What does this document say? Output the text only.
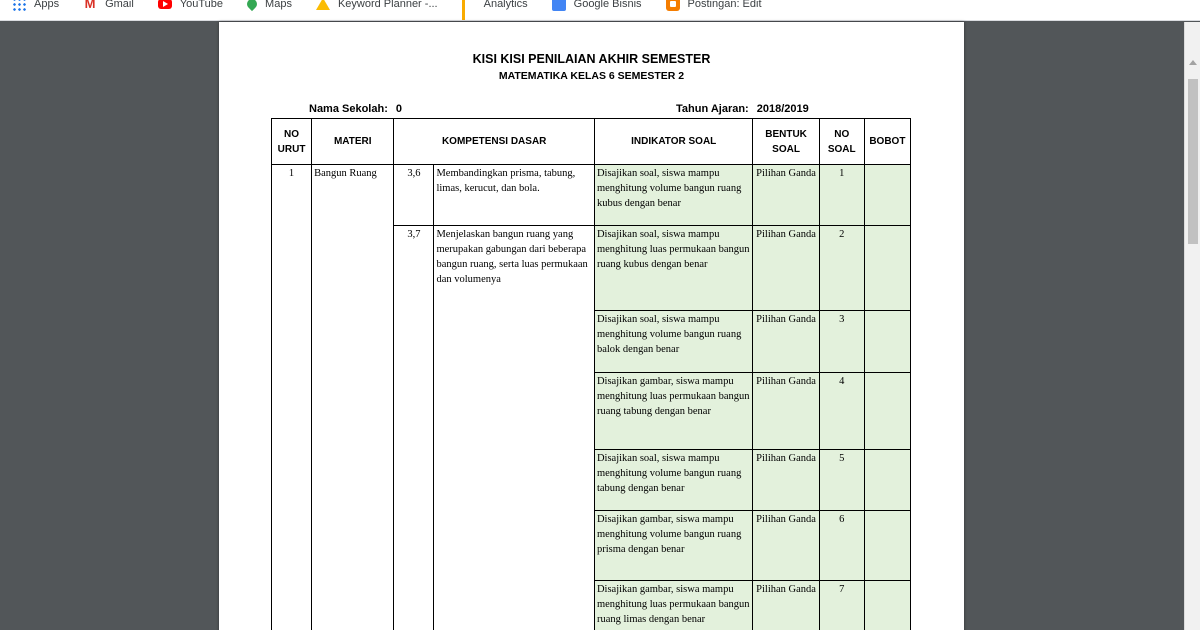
Apps M Gmail	YouTube	Maps	Keyword Planner -...	Analytics	Google Bisnis	Postingan: Edit
KISI KISI PENILAIAN AKHIR SEMESTER
MATEMATIKA KELAS 6 SEMESTER 2
Nama Sekolah: 0	Tahun Ajaran: 2018/2019
NO URUT	MATERI	KOMPETENSI DASAR		INDIKATOR SOAL	BENTUK SOAL	NO SOAL	BOBOT
1	Bangun Ruang	3,6	Membandingkan prisma, tabung, limas, kerucut, dan bola.	Disajikan soal, siswa mampu menghitung volume bangun ruang kubus dengan benar	Pilihan Ganda	1	
		3,7	Menjelaskan bangun ruang yang merupakan gabungan dari beberapa bangun ruang, serta luas permukaan dan volumenya	Disajikan soal, siswa mampu menghitung luas permukaan bangun ruang kubus dengan benar	Pilihan Ganda	2	
				Disajikan soal, siswa mampu menghitung volume bangun ruang balok dengan benar	Pilihan Ganda	3	
				Disajikan gambar, siswa mampu menghitung luas permukaan bangun ruang tabung dengan benar	Pilihan Ganda	4	
				Disajikan soal, siswa mampu menghitung volume bangun ruang tabung dengan benar	Pilihan Ganda	5	
				Disajikan gambar, siswa mampu menghitung volume bangun ruang prisma dengan benar	Pilihan Ganda	6	
				Disajikan gambar, siswa mampu menghitung luas permukaan bangun ruang limas dengan benar	Pilihan Ganda	7	
